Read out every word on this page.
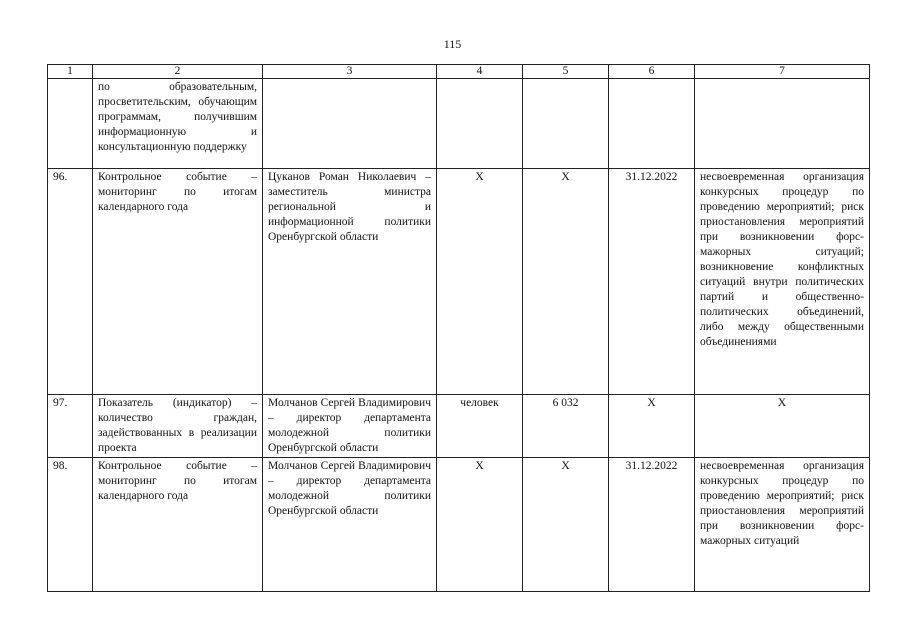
115
1	2	3	4	5	6	7
	по образовательным, просветительским, обучающим программам, получившим информационную и консультационную поддержку					
96.	Контрольное событие – мониторинг по итогам календарного года	Цуканов Роман Николаевич – заместитель министра региональной и информационной политики Оренбургской области	Х	Х	31.12.2022	несвоевременная организация конкурсных процедур по проведению мероприятий; риск приостановления мероприятий при возникновении форс-мажорных ситуаций; возникновение конфликтных ситуаций внутри политических партий и общественно-политических объединений, либо между общественными объединениями
97.	Показатель (индикатор) – количество граждан, задействованных в реализации проекта	Молчанов Сергей Владимирович – директор департамента молодежной политики Оренбургской области	человек	6 032	Х	Х
98.	Контрольное событие – мониторинг по итогам календарного года	Молчанов Сергей Владимирович – директор департамента молодежной политики Оренбургской области	Х	Х	31.12.2022	несвоевременная организация конкурсных процедур по проведению мероприятий; риск приостановления мероприятий при возникновении форс-мажорных ситуаций
